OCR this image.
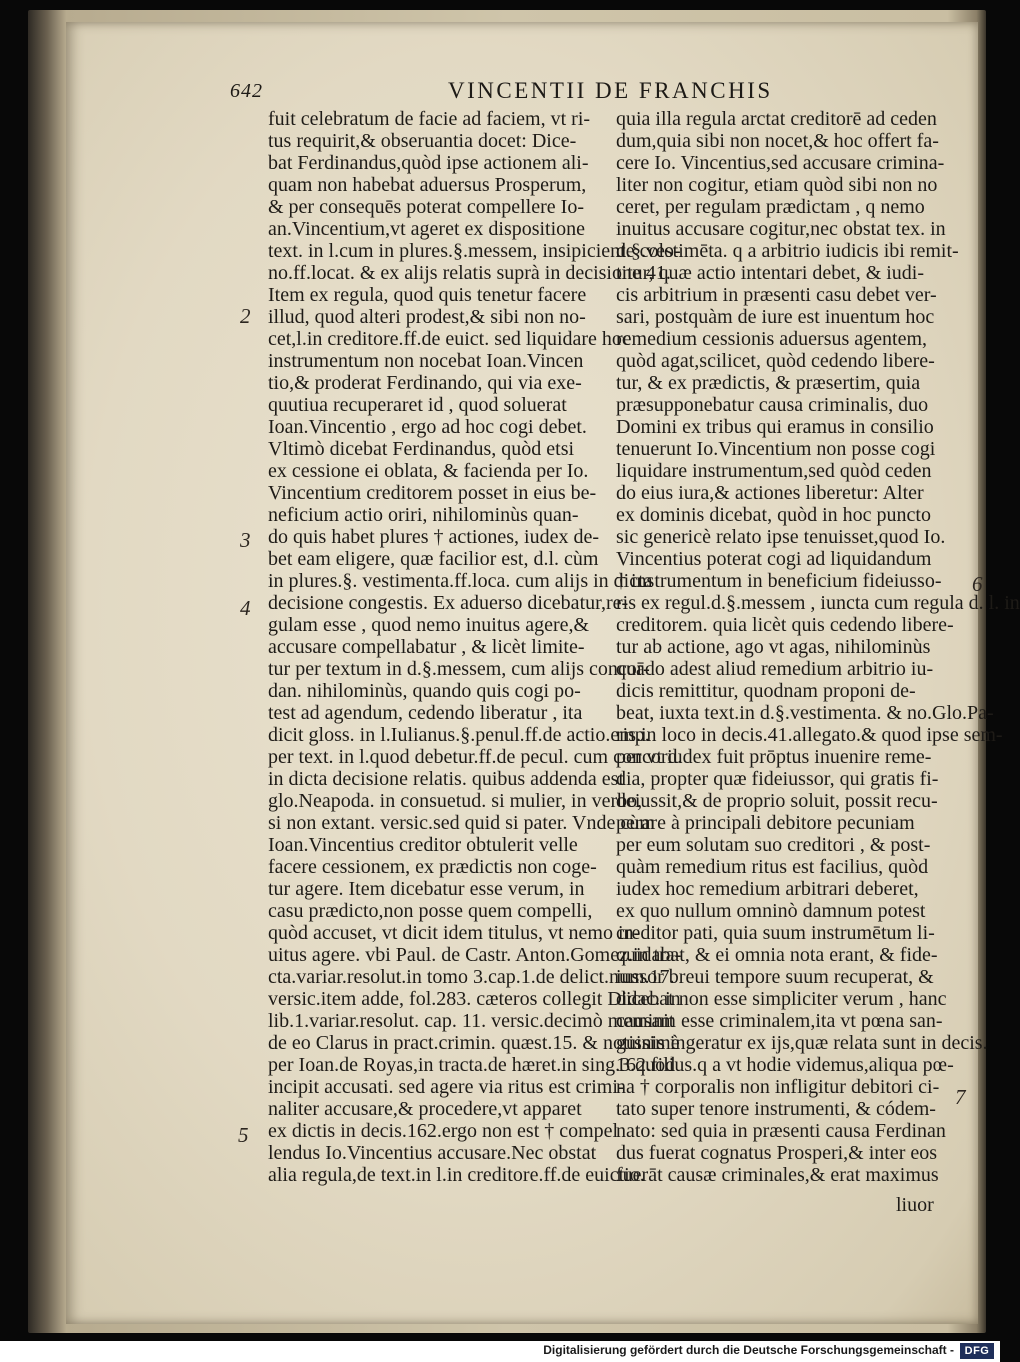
642	VINCENTII DE FRANCHIS
fuit celebratum de facie ad faciem, vt ri-
tus requirit,& obseruantia docet: Dice-
bat Ferdinandus,quòd ipse actionem ali-
quam non habebat aduersus Prosperum,
& per consequēs poterat compellere Io-
an.Vincentium,vt ageret ex dispositione
text. in l.cum in plures.§.messem, insipiciente colo-
no.ff.locat. & ex alijs relatis suprà in decisione 41.
Item ex regula, quod quis tenetur facere
illud, quod alteri prodest,& sibi non no-
cet,l.in creditore.ff.de euict. sed liquidare hoc
instrumentum non nocebat Ioan.Vincen
tio,& proderat Ferdinando, qui via exe-
quutiua recuperaret id , quod soluerat
Ioan.Vincentio , ergo ad hoc cogi debet.
Vltimò dicebat Ferdinandus, quòd etsi
ex cessione ei oblata, & facienda per Io.
Vincentium creditorem posset in eius be-
neficium actio oriri, nihilominùs quan-
do quis habet plures † actiones, iudex de-
bet eam eligere, quæ facilior est, d.l. cùm
in plures.§. vestimenta.ff.loca. cum alijs in dicta
decisione congestis. Ex aduerso dicebatur,re-
gulam esse , quod nemo inuitus agere,&
accusare compellabatur , & licèt limite-
tur per textum in d.§.messem, cum alijs concor-
dan. nihilominùs, quando quis cogi po-
test ad agendum, cedendo liberatur , ita
dicit gloss. in l.Iulianus.§.penul.ff.de actio.emp.
per text. in l.quod debetur.ff.de pecul. cum concord.
in dicta decisione relatis. quibus addenda est
glo.Neapoda. in consuetud. si mulier, in verbo,
si non extant. versic.sed quid si pater. Vnde cùm
Ioan.Vincentius creditor obtulerit velle
facere cessionem, ex prædictis non coge-
tur agere. Item dicebatur esse verum, in
casu prædicto,non posse quem compelli,
quòd accuset, vt dicit idem titulus, vt nemo in-
uitus agere. vbi Paul. de Castr. Anton.Gomez.in tra-
cta.variar.resolut.in tomo 3.cap.1.de delict.num.17.
versic.item adde, fol.283. cæteros collegit Didac. in
lib.1.variar.resolut. cap. 11. versic.decimò meminit
de eo Clarus in pract.crimin. quæst.15. & notissimè
per Ioan.de Royas,in tracta.de hæret.in sing.3.quod
incipit accusati. sed agere via ritus est crimi-
naliter accusare,& procedere,vt apparet
ex dictis in decis.162.ergo non est † compel
lendus Io.Vincentius accusare.Nec obstat
alia regula,de text.in l.in creditore.ff.de euictio.
quia illa regula arctat creditorē ad ceden
dum,quia sibi non nocet,& hoc offert fa-
cere Io. Vincentius,sed accusare crimina-
liter non cogitur, etiam quòd sibi non no
ceret, per regulam prædictam , q nemo
inuitus accusare cogitur,nec obstat tex. in
d.§.vestimēta. q a arbitrio iudicis ibi remit-
titur, quæ actio intentari debet, & iudi-
cis arbitrium in præsenti casu debet ver-
sari, postquàm de iure est inuentum hoc
remedium cessionis aduersus agentem,
quòd agat,scilicet, quòd cedendo libere-
tur, & ex prædictis, & præsertim, quia
præsupponebatur causa criminalis, duo
Domini ex tribus qui eramus in consilio
tenuerunt Io.Vincentium non posse cogi
liquidare instrumentum,sed quòd ceden
do eius iura,& actiones liberetur: Alter
ex dominis dicebat, quòd in hoc puncto
sic genericè relato ipse tenuisset,quod Io.
Vincentius poterat cogi ad liquidandum
† instrumentum in beneficium fideiusso-
ris ex regul.d.§.messem , iuncta cum regula d. l. in
creditorem. quia licèt quis cedendo libere-
tur ab actione, ago vt agas, nihilominùs
quādo adest aliud remedium arbitrio iu-
dicis remittitur, quodnam proponi de-
beat, iuxta text.in d.§.vestimenta. & no.Glo.Pa-
ris.in loco in decis.41.allegato.& quod ipse sem-
per vt iudex fuit prōptus inuenire reme-
dia, propter quæ fideiussor, qui gratis fi-
deiussit,& de proprio soluit, possit recu-
perare à principali debitore pecuniam
per eum solutam suo creditori , & post-
quàm remedium ritus est facilius, quòd
iudex hoc remedium arbitrari deberet,
ex quo nullum omninò damnum potest
creditor pati, quia suum instrumētum li-
quidabat, & ei omnia nota erant, & fide-
iussor breui tempore suum recuperat, &
dicebat non esse simpliciter verum , hanc
causam esse criminalem,ita vt pœna san-
guinis ingeratur ex ijs,quæ relata sunt in decis.
162.filius.q a vt hodie videmus,aliqua pœ-
na † corporalis non infligitur debitori ci-
tato super tenore instrumenti, & códem-
nato: sed quia in præsenti causa Ferdinan
dus fuerat cognatus Prosperi,& inter eos
fuerāt causæ criminales,& erat maximus
2
3
4
5
6
7
liuor
Digitalisierung gefördert durch die Deutsche Forschungsgemeinschaft - DFG
